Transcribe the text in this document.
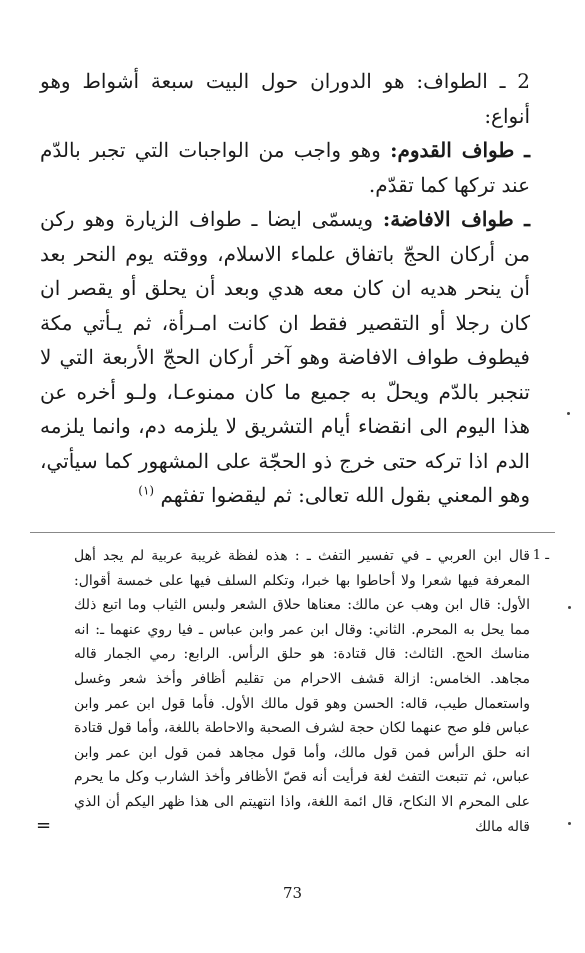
2 ـ الطواف: هو الدوران حول البيت سبعة أشواط وهو أنواع:

ـ طواف القدوم: وهو واجب من الواجبات التي تجبر بالدّم عند تركها كما تقدّم.

ـ طواف الافاضة: ويسمّى ايضا ـ طواف الزيارة وهو ركن من أركان الحجّ باتفاق علماء الاسلام، ووقته يوم النحر بعد أن ينحر هديه ان كان معه هدي وبعد أن يحلق أو يقصر ان كان رجلا أو التقصير فقط ان كانت امـرأة، ثم يـأتي مكة فيطوف طواف الافاضة وهو آخر أركان الحجّ الأربعة التي لا تنجبر بالدّم ويحلّ به جميع ما كان ممنوعـا، ولـو أخره عن هذا اليوم الى انقضاء أيام التشريق لا يلزمه دم، وانما يلزمه الدم اذا تركه حتى خرج ذو الحجّة على المشهور كما سيأتي، وهو المعني بقول الله تعالى: ثم ليقضوا تفثهم $^{(١)}$

1 ـ

قال ابن العربي ـ في تفسير التفث ـ : هذه لفظة غريبة عربية لم يجد أهل المعرفة فيها شعرا ولا أحاطوا بها خبرا، وتكلم السلف فيها على خمسة أقوال: الأول: قال ابن وهب عن مالك: معناها حلاق الشعر ولبس الثياب وما اتبع ذلك مما يحل به المحرم. الثاني: وقال ابن عمر وابن عباس ـ فيا روي عنهما ـ: انه مناسك الحج. الثالث: قال قتادة: هو حلق الرأس. الرابع: رمي الجمار قاله مجاهد. الخامس: ازالة قشف الاحرام من تقليم أظافر وأخذ شعر وغسل واستعمال طيب، قاله: الحسن وهو قول مالك الأول. فأما قول ابن عمر وابن عباس فلو صح عنهما لكان حجة لشرف الصحبة والاحاطة باللغة، وأما قول قتادة انه حلق الرأس فمن قول مالك، وأما قول مجاهد فمن قول ابن عمر وابن عباس، ثم تتبعت التفث لغة فرأيت أنه قصّ الأظافر وأخذ الشارب وكل ما يحرم على المحرم الا النكاح، قال ائمة اللغة، واذا انتهيتم الى هذا ظهر اليكم أن الذي قاله مالك

=
73
